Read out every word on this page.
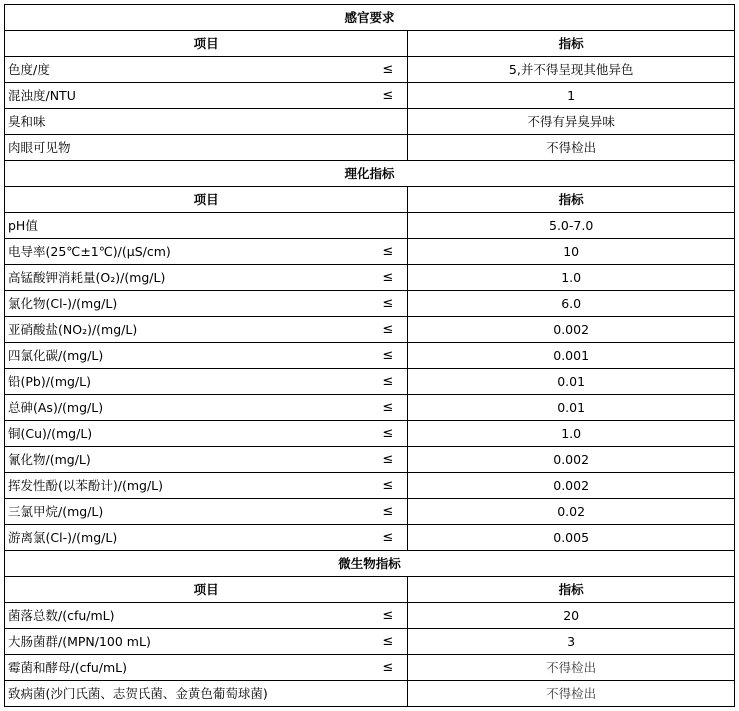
感官要求	
项目	指标
色度/度 ≤	5,并不得呈现其他异色
混浊度/NTU ≤	1
臭和味	不得有异臭异味
肉眼可见物	不得检出
理化指标	
项目	指标
pH值	5.0-7.0
电导率(25℃±1℃)/(μS/cm) ≤	10
高锰酸钾消耗量(O₂)/(mg/L) ≤	1.0
氯化物(Cl-)/(mg/L) ≤	6.0
亚硝酸盐(NO₂)/(mg/L) ≤	0.002
四氯化碳/(mg/L) ≤	0.001
铅(Pb)/(mg/L) ≤	0.01
总砷(As)/(mg/L) ≤	0.01
铜(Cu)/(mg/L) ≤	1.0
氰化物/(mg/L) ≤	0.002
挥发性酚(以苯酚计)/(mg/L) ≤	0.002
三氯甲烷/(mg/L) ≤	0.02
游离氯(Cl-)/(mg/L) ≤	0.005
微生物指标	
项目	指标
菌落总数/(cfu/mL) ≤	20
大肠菌群/(MPN/100 mL) ≤	3
霉菌和酵母/(cfu/mL) ≤	不得检出
致病菌(沙门氏菌、志贺氏菌、金黄色葡萄球菌)	不得检出
